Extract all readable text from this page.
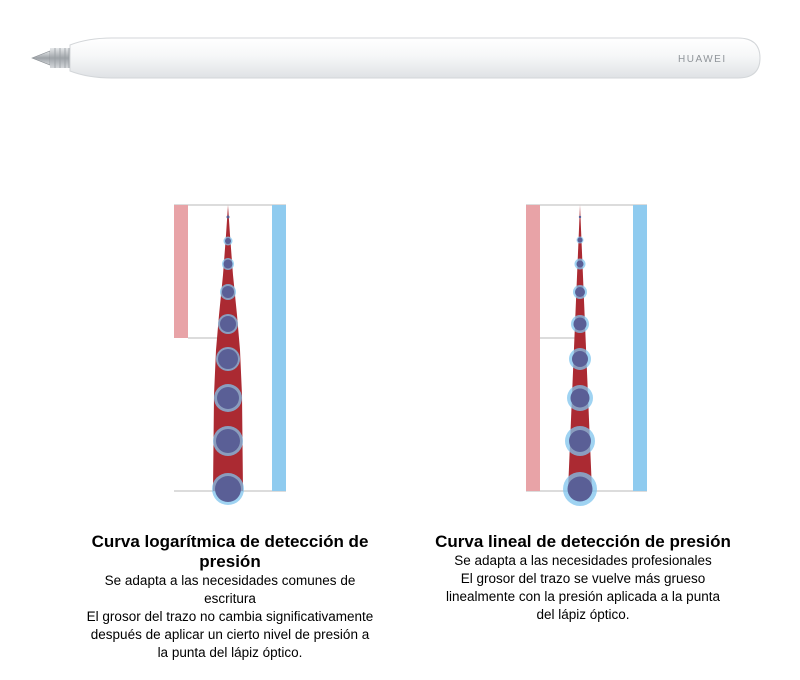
HUAWEI
Curva logarítmica de detección de presión
Se adapta a las necesidades comunes de
escritura
El grosor del trazo no cambia significativamente
después de aplicar un cierto nivel de presión a
la punta del lápiz óptico.
Curva lineal de detección de presión
Se adapta a las necesidades profesionales
El grosor del trazo se vuelve más grueso
linealmente con la presión aplicada a la punta
del lápiz óptico.
